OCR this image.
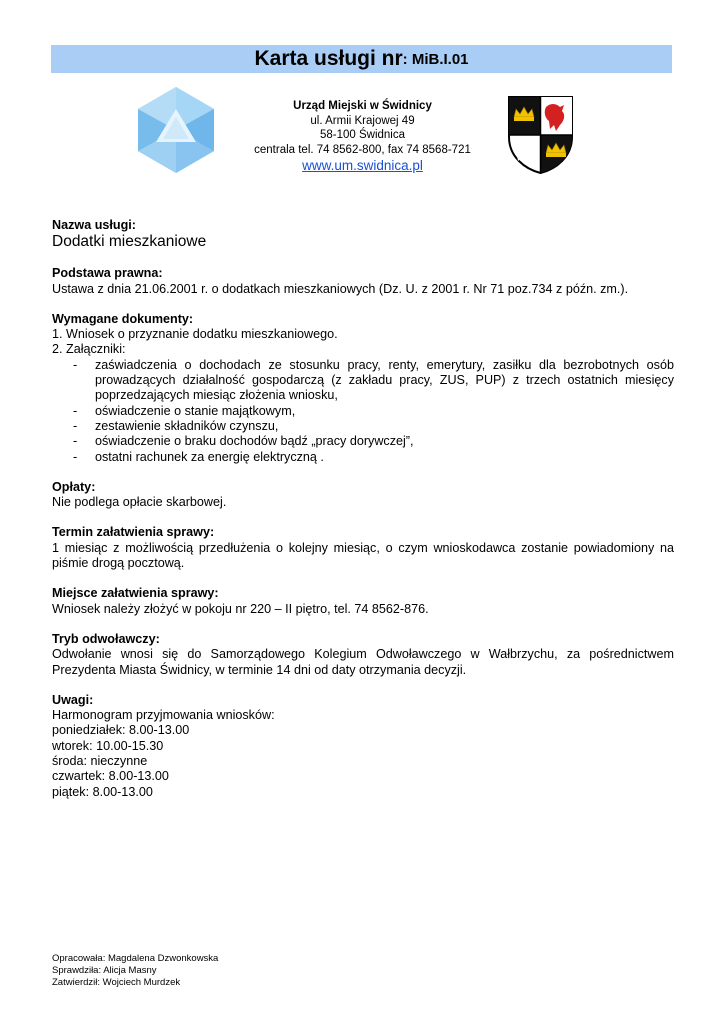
Karta usługi nr : MiB.I.01
Urząd Miejski w Świdnicy
ul. Armii Krajowej 49
58-100 Świdnica
centrala tel. 74 8562-800, fax 74 8568-721
www.um.swidnica.pl
Nazwa usługi:
Dodatki mieszkaniowe
Podstawa prawna:
Ustawa z dnia 21.06.2001 r. o dodatkach mieszkaniowych (Dz. U. z 2001 r. Nr 71 poz.734 z późn. zm.).
Wymagane dokumenty:
1. Wniosek o przyznanie dodatku mieszkaniowego.
2. Załączniki:
- zaświadczenia o dochodach ze stosunku pracy, renty, emerytury, zasiłku dla bezrobotnych osób prowadzących działalność gospodarczą (z zakładu pracy, ZUS, PUP) z trzech ostatnich miesięcy poprzedzających miesiąc złożenia wniosku,
- oświadczenie o stanie majątkowym,
- zestawienie składników czynszu,
- oświadczenie o braku dochodów bądź „pracy dorywczej”,
- ostatni rachunek za energię elektryczną .
Opłaty:
Nie podlega opłacie skarbowej.
Termin załatwienia sprawy:
1 miesiąc z możliwością przedłużenia o kolejny miesiąc, o czym wnioskodawca zostanie powiadomiony na piśmie drogą pocztową.
Miejsce załatwienia sprawy:
Wniosek należy złożyć w pokoju nr 220 – II piętro, tel. 74 8562-876.
Tryb odwoławczy:
Odwołanie wnosi się do Samorządowego Kolegium Odwoławczego w Wałbrzychu, za pośrednictwem Prezydenta Miasta Świdnicy, w terminie 14 dni od daty otrzymania decyzji.
Uwagi:
Harmonogram przyjmowania wniosków:
poniedziałek: 8.00-13.00
wtorek: 10.00-15.30
środa: nieczynne
czwartek: 8.00-13.00
piątek: 8.00-13.00
Opracowała: Magdalena Dzwonkowska
Sprawdziła: Alicja Masny
Zatwierdził: Wojciech Murdzek
